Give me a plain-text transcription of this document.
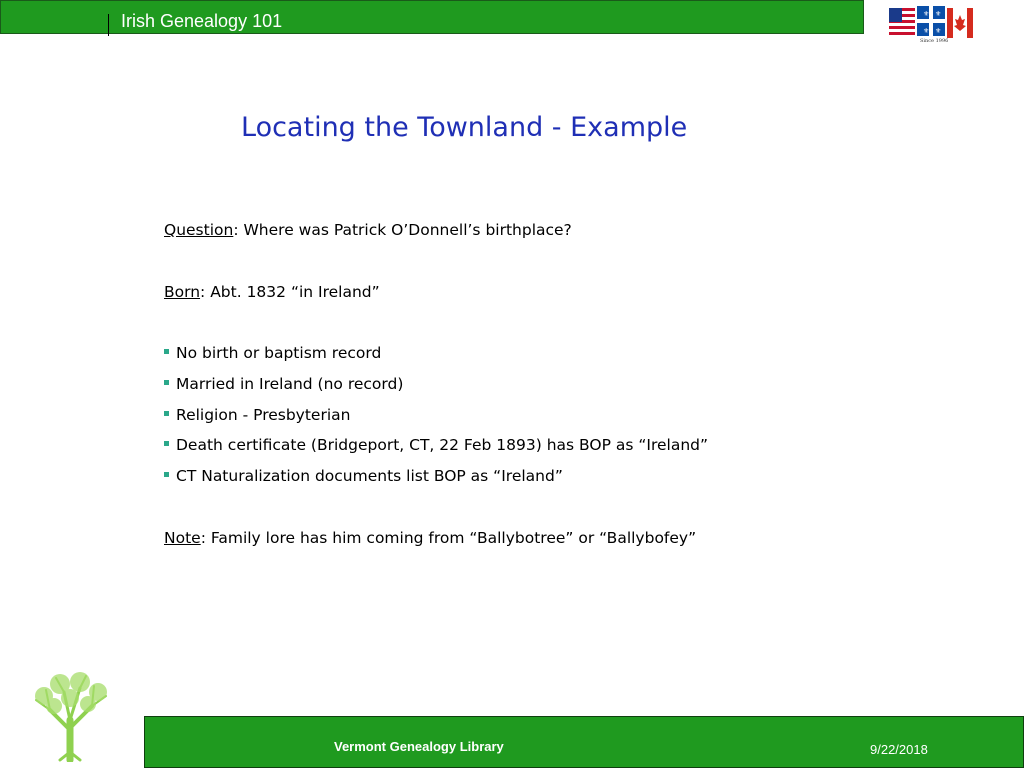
Irish Genealogy 101	⚜ ⚜
⚜ ⚜
Since 1996
Locating the Townland - Example
Question: Where was Patrick O’Donnell’s birthplace?
Born: Abt. 1832 “in Ireland”
No birth or baptism record
Married in Ireland (no record)
Religion - Presbyterian
Death certificate (Bridgeport, CT, 22 Feb 1893) has BOP as “Ireland”
CT Naturalization documents list BOP as “Ireland”
Note: Family lore has him coming from “Ballybotree” or “Ballybofey”
Vermont Genealogy Library	9/22/2018
